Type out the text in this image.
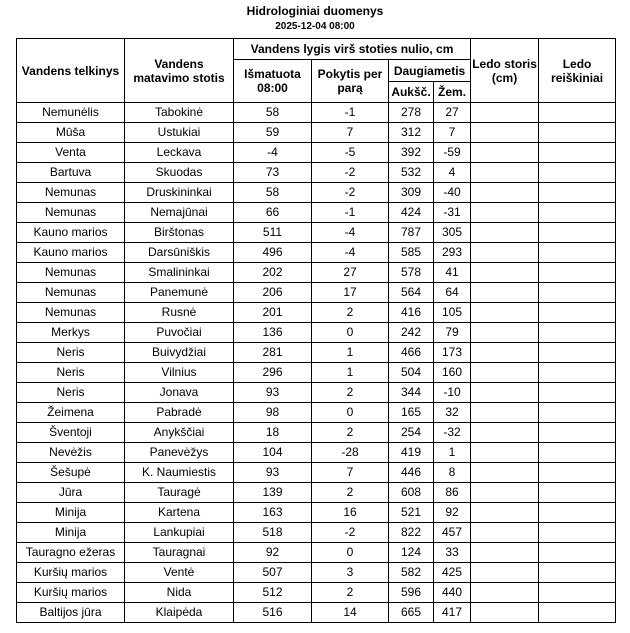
Hidrologiniai duomenys
2025-12-04 08:00
Vandens telkinys	Vandens matavimo stotis	Vandens lygis virš stoties nulio, cm				Ledo storis (cm)	Ledo reiškiniai
		Išmatuota 08:00	Pokytis per parą	Daugiametis			
				Aukšč.	Žem.		
Nemunėlis	Tabokinė	58	-1	278	27		
Mūša	Ustukiai	59	7	312	7		
Venta	Leckava	-4	-5	392	-59		
Bartuva	Skuodas	73	-2	532	4		
Nemunas	Druskininkai	58	-2	309	-40		
Nemunas	Nemajūnai	66	-1	424	-31		
Kauno marios	Birštonas	511	-4	787	305		
Kauno marios	Darsūniškis	496	-4	585	293		
Nemunas	Smalininkai	202	27	578	41		
Nemunas	Panemunė	206	17	564	64		
Nemunas	Rusnė	201	2	416	105		
Merkys	Puvočiai	136	0	242	79		
Neris	Buivydžiai	281	1	466	173		
Neris	Vilnius	296	1	504	160		
Neris	Jonava	93	2	344	-10		
Žeimena	Pabradė	98	0	165	32		
Šventoji	Anykščiai	18	2	254	-32		
Nevėžis	Panevėžys	104	-28	419	1		
Šešupė	K. Naumiestis	93	7	446	8		
Jūra	Tauragė	139	2	608	86		
Minija	Kartena	163	16	521	92		
Minija	Lankupiai	518	-2	822	457		
Tauragno ežeras	Tauragnai	92	0	124	33		
Kuršių marios	Ventė	507	3	582	425		
Kuršių marios	Nida	512	2	596	440		
Baltijos jūra	Klaipėda	516	14	665	417		
